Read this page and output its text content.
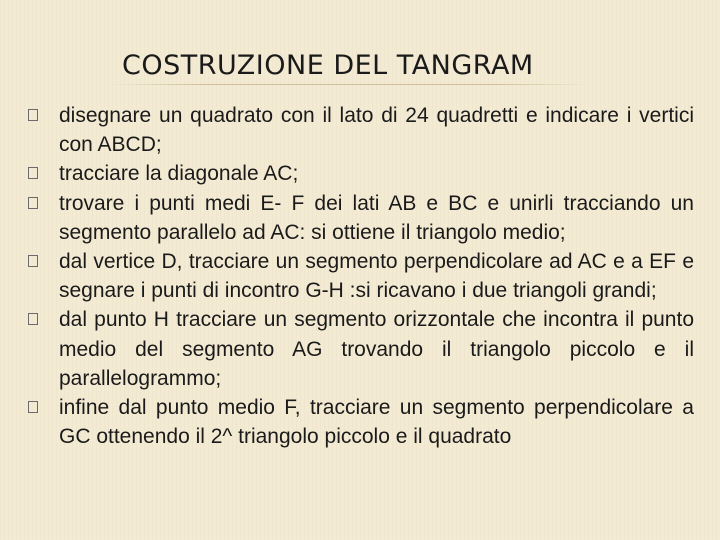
COSTRUZIONE DEL TANGRAM
disegnare un quadrato con il lato di 24 quadretti e indicare i vertici con ABCD;
tracciare la diagonale AC;
trovare i punti medi E- F dei lati AB e BC e unirli tracciando un segmento parallelo ad AC: si ottiene il triangolo medio;
dal vertice D, tracciare un segmento perpendicolare ad AC e a EF e segnare i punti di incontro G-H :si ricavano i due triangoli grandi;
dal punto H tracciare un segmento orizzontale che incontra il punto medio del segmento AG trovando il triangolo piccolo e il parallelogrammo;
infine dal punto medio F, tracciare un segmento perpendicolare a GC ottenendo il 2^ triangolo piccolo e il quadrato
